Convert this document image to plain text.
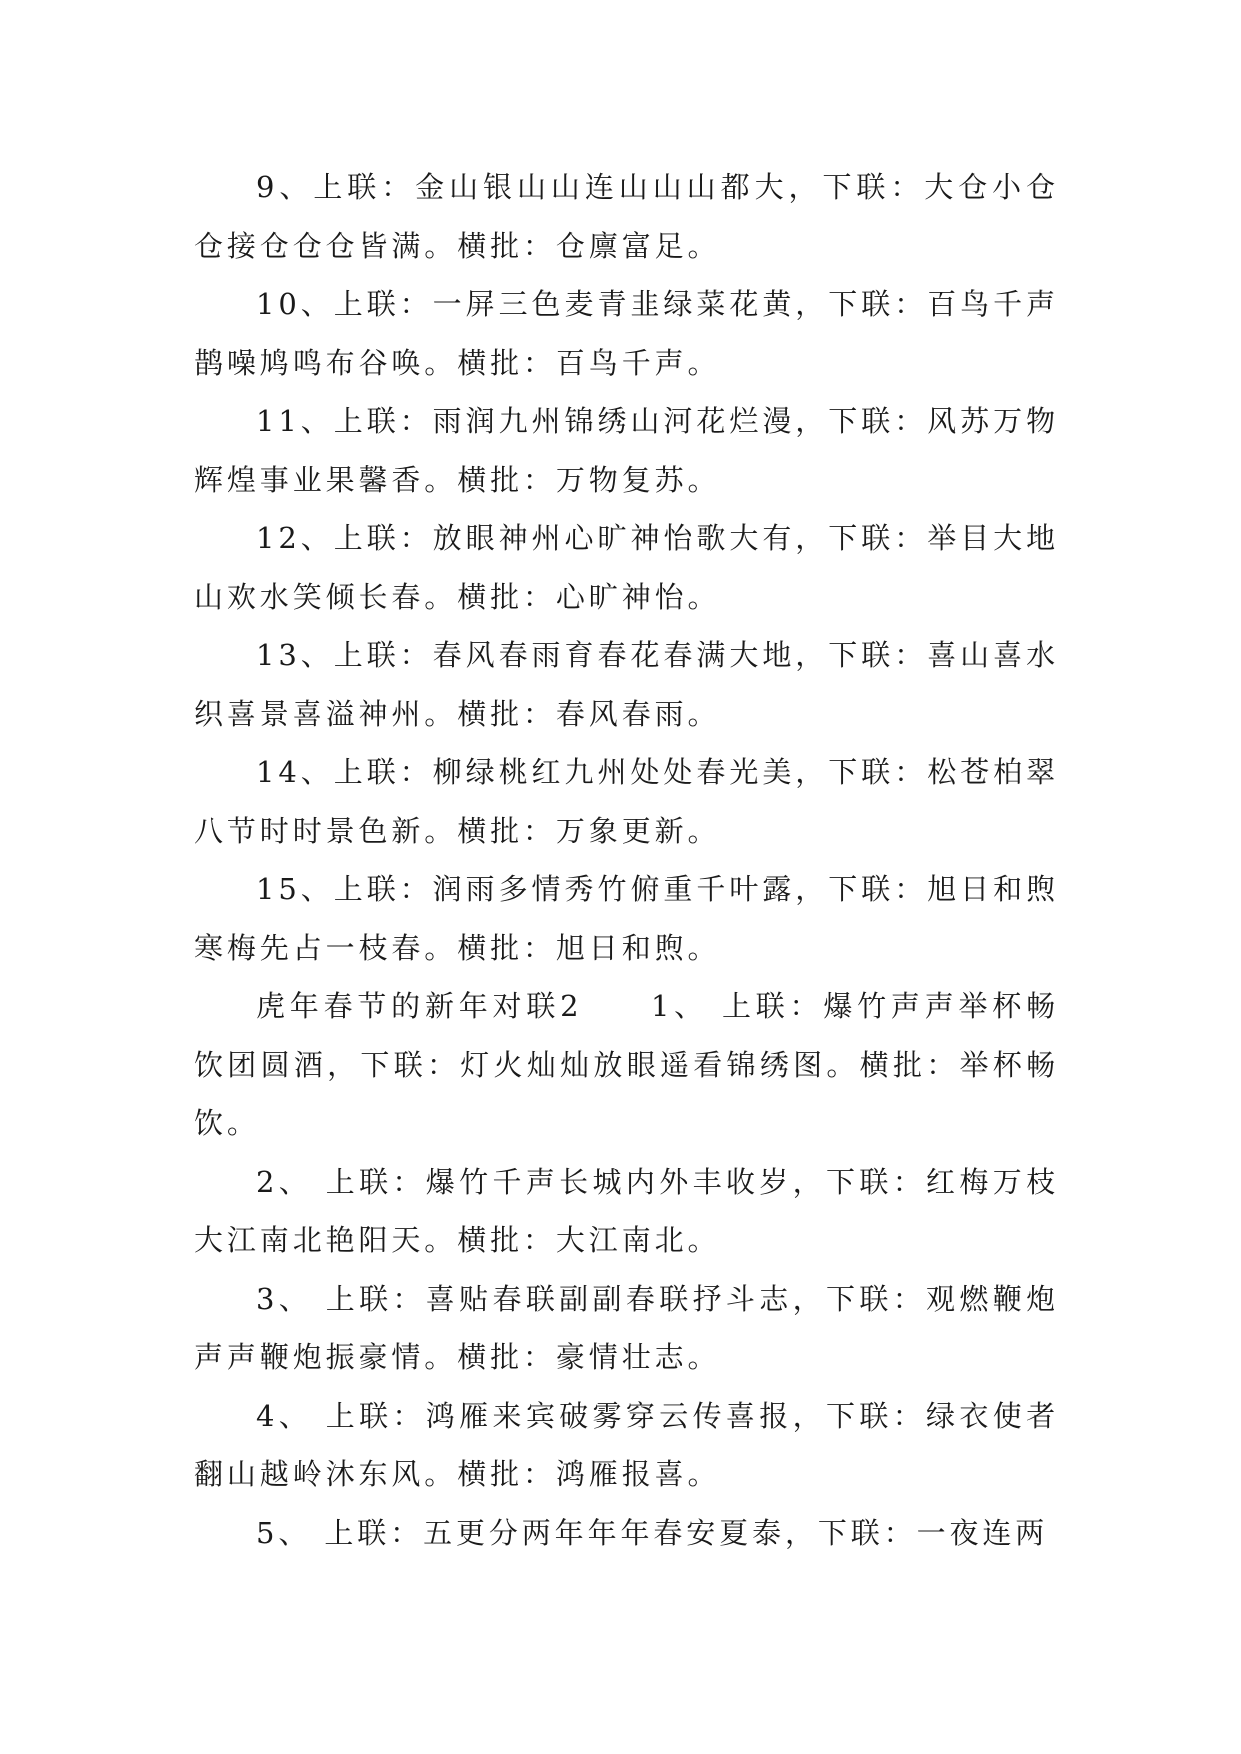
9、上联：金山银山山连山山山都大，下联：大仓小仓仓接仓仓仓皆满。横批：仓廪富足。

10、上联：一屏三色麦青韭绿菜花黄，下联：百鸟千声鹊噪鸠鸣布谷唤。横批：百鸟千声。

11、上联：雨润九州锦绣山河花烂漫，下联：风苏万物辉煌事业果馨香。横批：万物复苏。

12、上联：放眼神州心旷神怡歌大有，下联：举目大地山欢水笑倾长春。横批：心旷神怡。

13、上联：春风春雨育春花春满大地，下联：喜山喜水织喜景喜溢神州。横批：春风春雨。

14、上联：柳绿桃红九州处处春光美，下联：松苍柏翠八节时时景色新。横批：万象更新。

15、上联：润雨多情秀竹俯重千叶露，下联：旭日和煦寒梅先占一枝春。横批：旭日和煦。

虎年春节的新年对联2　　1、 上联：爆竹声声举杯畅饮团圆酒，下联：灯火灿灿放眼遥看锦绣图。横批：举杯畅饮。

2、 上联：爆竹千声长城内外丰收岁，下联：红梅万枝大江南北艳阳天。横批：大江南北。

3、 上联：喜贴春联副副春联抒斗志，下联：观燃鞭炮声声鞭炮振豪情。横批：豪情壮志。

4、 上联：鸿雁来宾破雾穿云传喜报，下联：绿衣使者翻山越岭沐东风。横批：鸿雁报喜。

5、 上联：五更分两年年年春安夏泰，下联：一夜连两
